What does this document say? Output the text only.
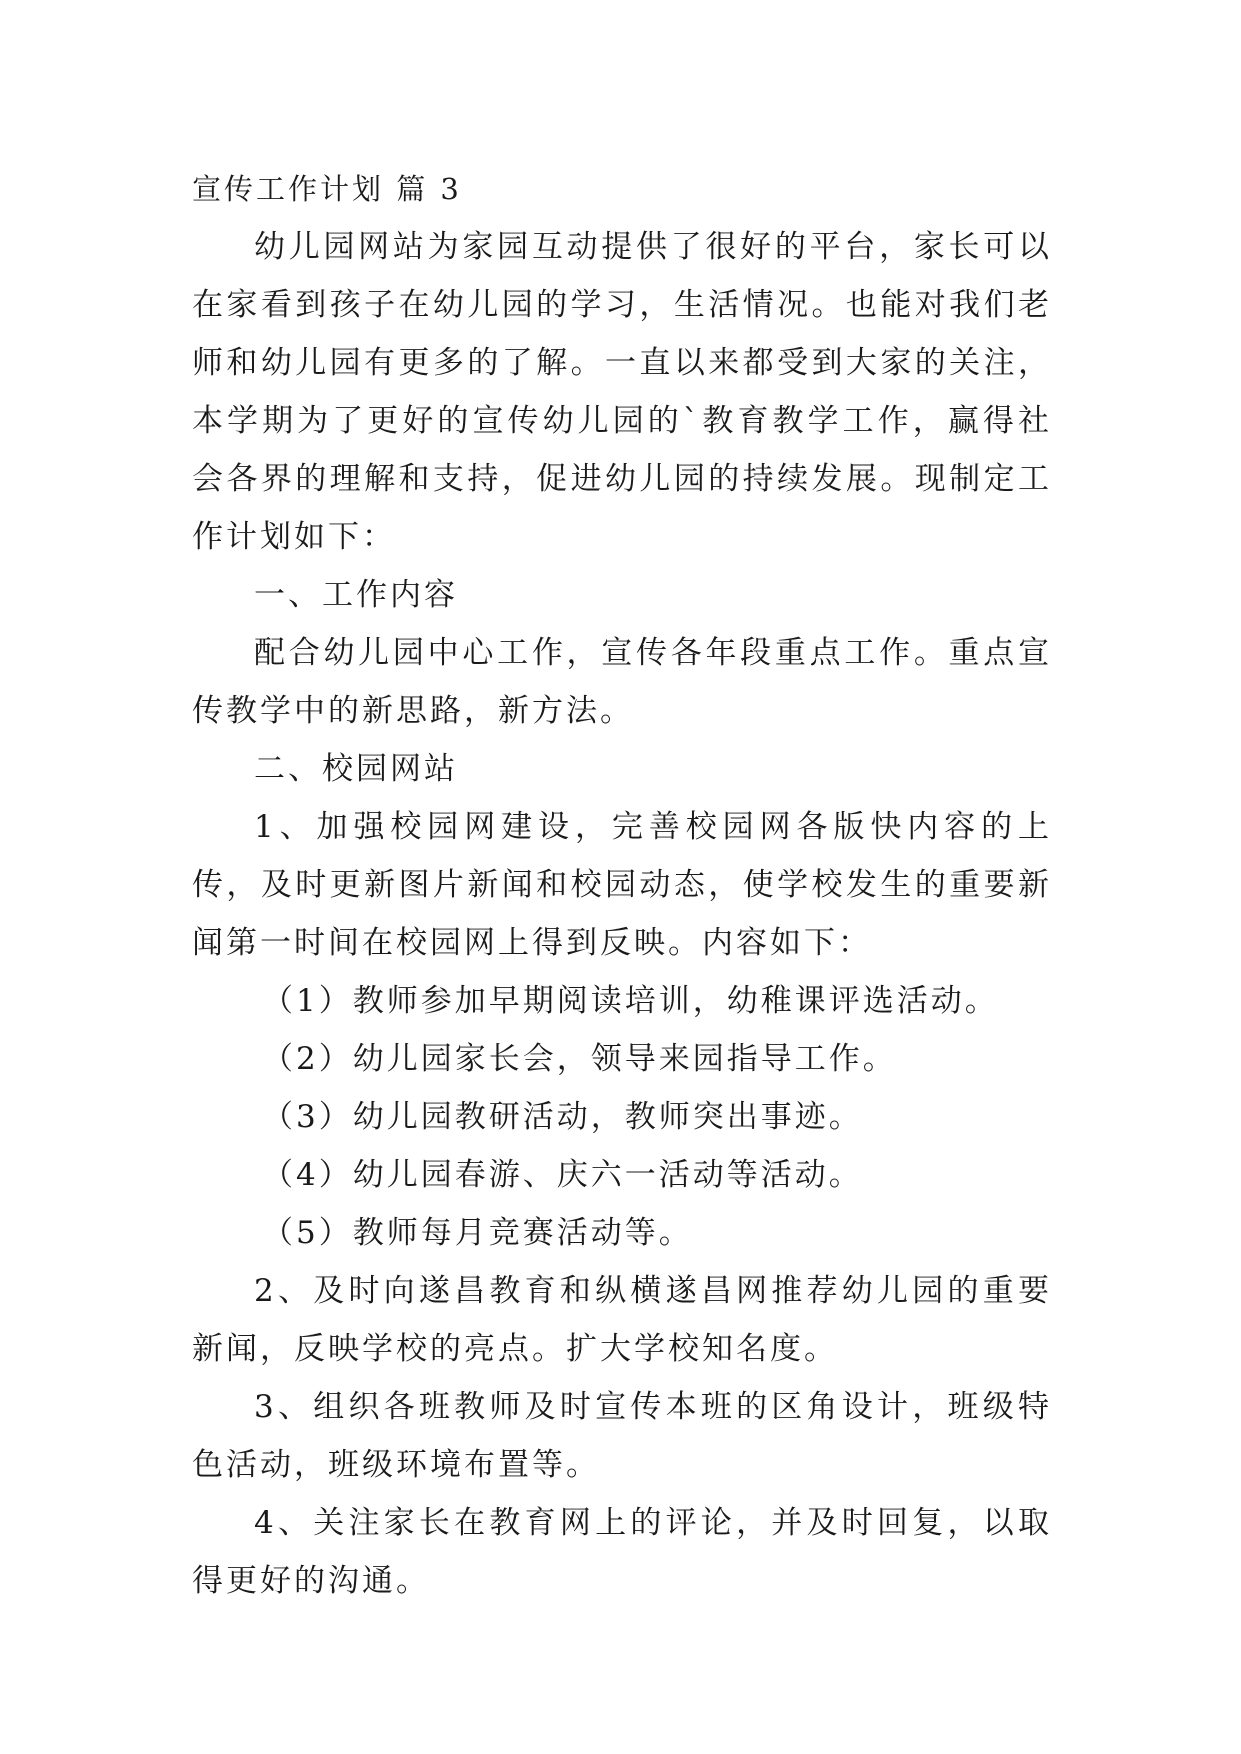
宣传工作计划 篇 3

幼儿园网站为家园互动提供了很好的平台，家长可以在家看到孩子在幼儿园的学习，生活情况。也能对我们老师和幼儿园有更多的了解。一直以来都受到大家的关注，本学期为了更好的宣传幼儿园的`教育教学工作，赢得社会各界的理解和支持，促进幼儿园的持续发展。现制定工作计划如下：

一、工作内容

配合幼儿园中心工作，宣传各年段重点工作。重点宣传教学中的新思路，新方法。

二、校园网站

1、加强校园网建设，完善校园网各版快内容的上传，及时更新图片新闻和校园动态，使学校发生的重要新闻第一时间在校园网上得到反映。内容如下：

（1）教师参加早期阅读培训，幼稚课评选活动。

（2）幼儿园家长会，领导来园指导工作。

（3）幼儿园教研活动，教师突出事迹。

（4）幼儿园春游、庆六一活动等活动。

（5）教师每月竞赛活动等。

2、及时向遂昌教育和纵横遂昌网推荐幼儿园的重要新闻，反映学校的亮点。扩大学校知名度。

3、组织各班教师及时宣传本班的区角设计，班级特色活动，班级环境布置等。

4、关注家长在教育网上的评论，并及时回复，以取得更好的沟通。
